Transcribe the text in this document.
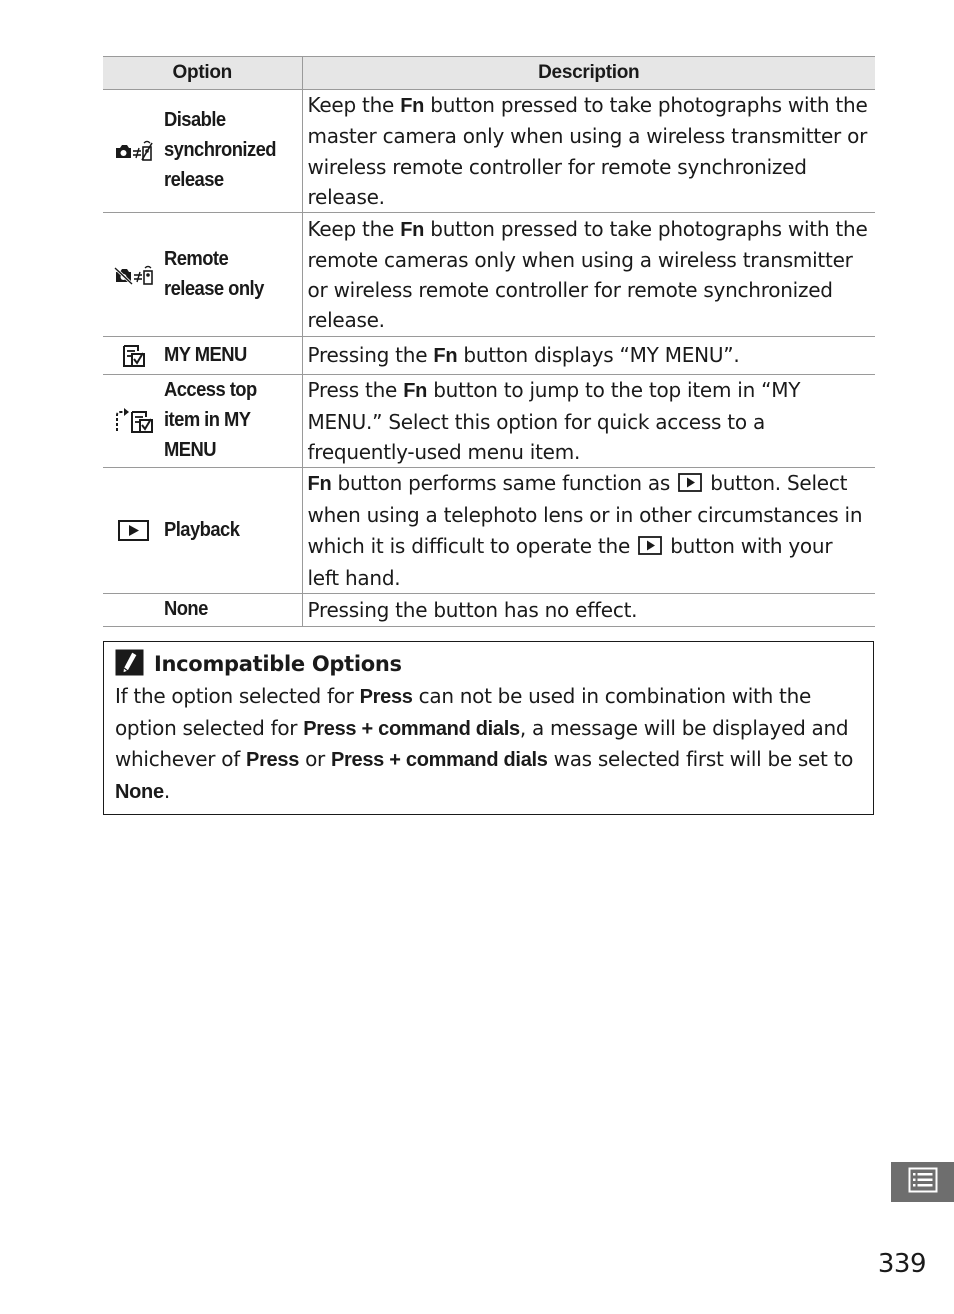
Option	Description

Disable
synchronized
release	Keep the Fn button pressed to take photographs with the master camera only when using a wireless transmitter or wireless remote controller for remote synchronized release.

Remote
release only	Keep the Fn button pressed to take photographs with the remote cameras only when using a wireless transmitter or wireless remote controller for remote synchronized release.

MY MENU	Pressing the Fn button displays “MY MENU”.

Access top
item in MY
MENU	Press the Fn button to jump to the top item in “MY MENU.” Select this option for quick access to a frequently-used menu item.

Playback	Fn button performs same function as  button. Select when using a telephoto lens or in other circumstances in which it is difficult to operate the  button with your left hand.

None	Pressing the button has no effect.
Incompatible Options
If the option selected for Press can not be used in combination with the option selected for Press + command dials, a message will be displayed and whichever of Press or Press + command dials was selected first will be set to None.
339
